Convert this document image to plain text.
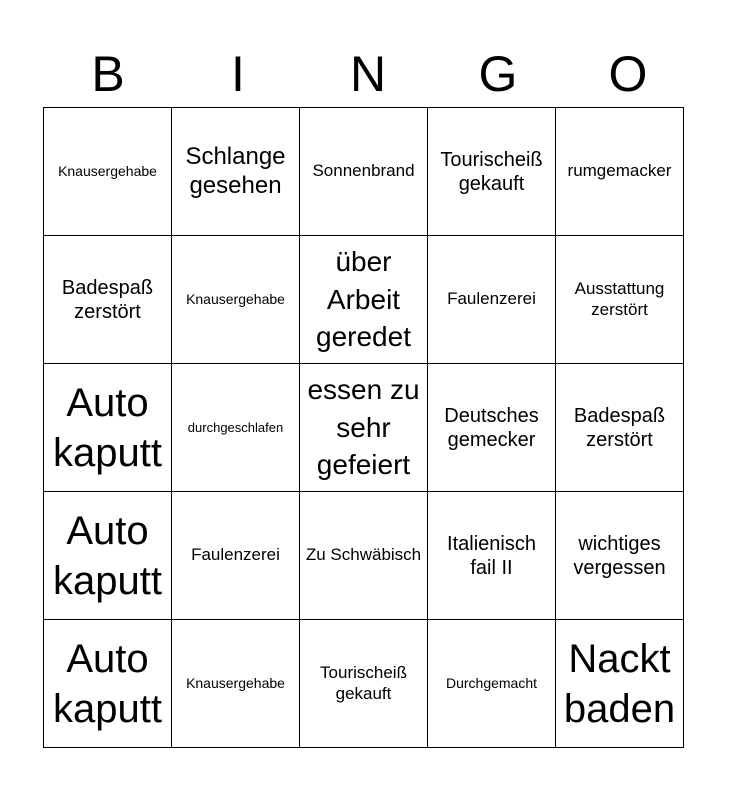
B	I	N	G	O
Knausergehabe	Schlange gesehen	Sonnenbrand	Tourischeiß gekauft	rumgemacker

Badespaß zerstört	Knausergehabe	über Arbeit geredet	Faulenzerei	Ausstattung zerstört

Auto kaputt	durchgeschlafen	essen zu sehr gefeiert	Deutsches gemecker	Badespaß zerstört

Auto kaputt	Faulenzerei	Zu Schwäbisch	Italienisch fail II	wichtiges vergessen

Auto kaputt	Knausergehabe	Tourischeiß gekauft	Durchgemacht	Nackt baden
